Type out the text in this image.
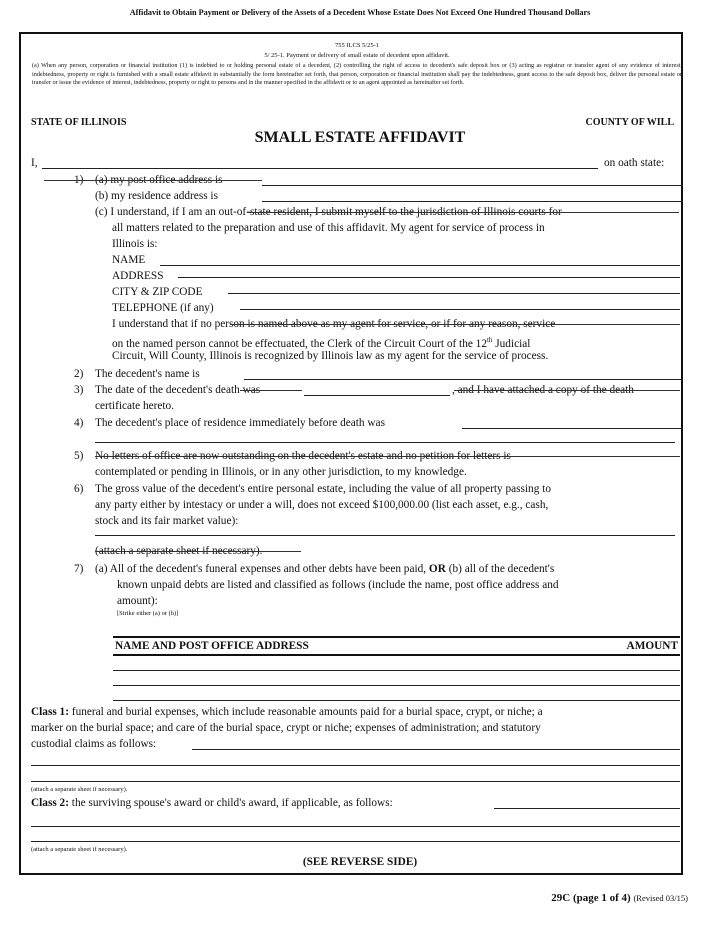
Affidavit to Obtain Payment or Delivery of the Assets of a Decedent Whose Estate Does Not Exceed One Hundred Thousand Dollars
755 ILCS 5/25-1
5/ 25-1. Payment or delivery of small estate of decedent upon affidavit.
(a) When any person, corporation or financial institution (1) is indebted to or holding personal estate of a decedent, (2) controlling the right of access to decedent's safe deposit box or (3) acting as registrar or transfer agent of any evidence of interest, indebtedness, property or right is furnished with a small estate affidavit in substantially the form hereinafter set forth, that person, corporation or financial institution shall pay the indebtedness, grant access to the safe deposit box, deliver the personal estate or transfer or issue the evidence of interest, indebtedness, property or right to persons and in the manner specified in the affidavit or to an agent appointed as hereinafter set forth.
STATE OF ILLINOIS	COUNTY OF WILL
SMALL ESTATE AFFIDAVIT
I,	on oath state:
1) (a) my post office address is
(b) my residence address is
(c) I understand, if I am an out-of-state resident, I submit myself to the jurisdiction of Illinois courts for
all matters related to the preparation and use of this affidavit. My agent for service of process in
Illinois is:
NAME
ADDRESS
CITY & ZIP CODE
TELEPHONE (if any)
I understand that if no person is named above as my agent for service, or if for any reason, service
on the named person cannot be effectuated, the Clerk of the Circuit Court of the 12th Judicial
Circuit, Will County, Illinois is recognized by Illinois law as my agent for the service of process.
2) The decedent's name is
3) The date of the decedent's death was	, and I have attached a copy of the death
certificate hereto.
4) The decedent's place of residence immediately before death was
5) No letters of office are now outstanding on the decedent's estate and no petition for letters is
contemplated or pending in Illinois, or in any other jurisdiction, to my knowledge.
6) The gross value of the decedent's entire personal estate, including the value of all property passing to
any party either by intestacy or under a will, does not exceed $100,000.00 (list each asset, e.g., cash,
stock and its fair market value):
(attach a separate sheet if necessary).
7) (a) All of the decedent's funeral expenses and other debts have been paid, OR (b) all of the decedent's
known unpaid debts are listed and classified as follows (include the name, post office address and
amount):
[Strike either (a) or (b)]
NAME AND POST OFFICE ADDRESS	AMOUNT
Class 1: funeral and burial expenses, which include reasonable amounts paid for a burial space, crypt, or niche; a
marker on the burial space; and care of the burial space, crypt or niche; expenses of administration; and statutory
custodial claims as follows:
(attach a separate sheet if necessary).
Class 2: the surviving spouse's award or child's award, if applicable, as follows:
(attach a separate sheet if necessary).
(SEE REVERSE SIDE)
29C (page 1 of 4) (Revised 03/15)
